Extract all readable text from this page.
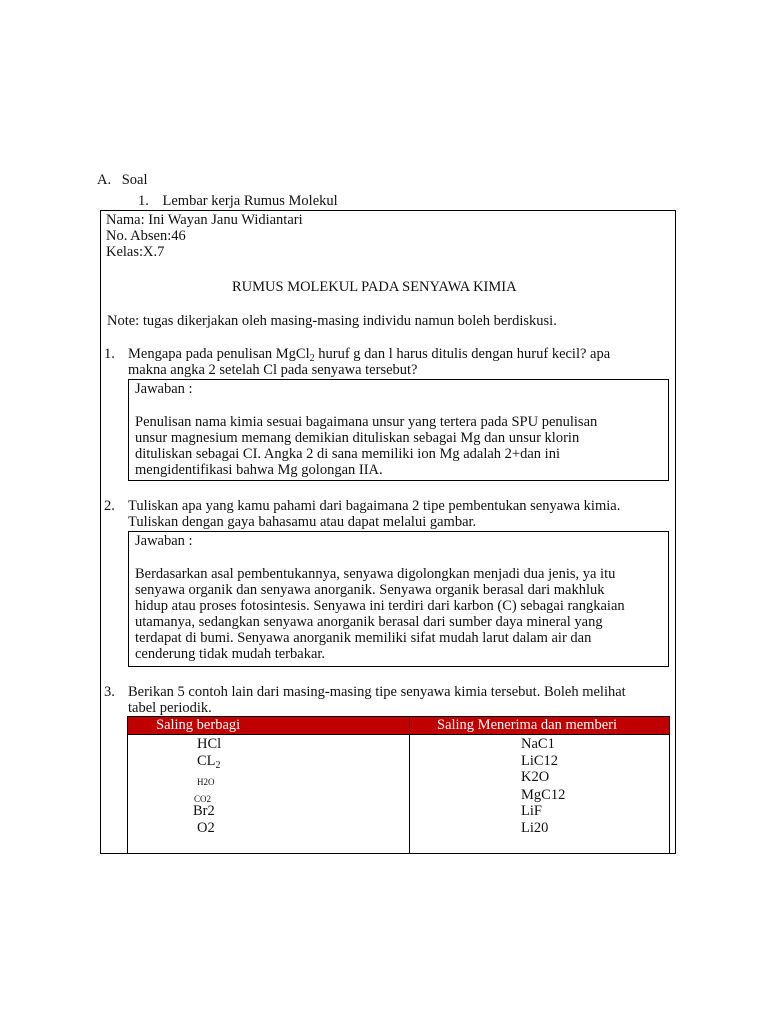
A. Soal
1. Lembar kerja Rumus Molekul
Nama: Ini Wayan Janu Widiantari
No. Absen:46
Kelas:X.7
RUMUS MOLEKUL PADA SENYAWA KIMIA
Note: tugas dikerjakan oleh masing-masing individu namun boleh berdiskusi.
1. Mengapa pada penulisan MgCl$_2$ huruf g dan l harus ditulis dengan huruf kecil? apa
makna angka 2 setelah Cl pada senyawa tersebut?
Jawaban :
Penulisan nama kimia sesuai bagaimana unsur yang tertera pada SPU penulisan
unsur magnesium memang demikian dituliskan sebagai Mg dan unsur klorin
dituliskan sebagai CI. Angka 2 di sana memiliki ion Mg adalah 2+dan ini
mengidentifikasi bahwa Mg golongan IIA.
2. Tuliskan apa yang kamu pahami dari bagaimana 2 tipe pembentukan senyawa kimia.
Tuliskan dengan gaya bahasamu atau dapat melalui gambar.
Jawaban :
Berdasarkan asal pembentukannya, senyawa digolongkan menjadi dua jenis, ya itu
senyawa organik dan senyawa anorganik. Senyawa organik berasal dari makhluk
hidup atau proses fotosintesis. Senyawa ini terdiri dari karbon (C) sebagai rangkaian
utamanya, sedangkan senyawa anorganik berasal dari sumber daya mineral yang
terdapat di bumi. Senyawa anorganik memiliki sifat mudah larut dalam air dan
cenderung tidak mudah terbakar.
3. Berikan 5 contoh lain dari masing-masing tipe senyawa kimia tersebut. Boleh melihat
tabel periodik.
Saling berbagi	Saling Menerima dan memberi
HCl
$CL_2$
H2O
CO2
Br2
O2
NaC1
LiC12
K2O
MgC12
LiF
Li20
